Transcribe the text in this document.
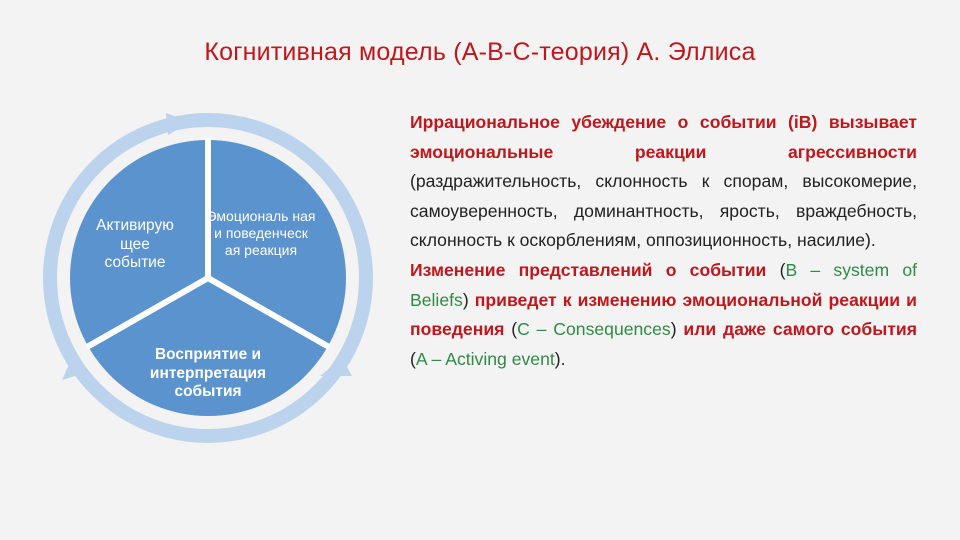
Когнитивная модель (А-В-С-теория) А. Эллиса
Активирую щее событие
Эмоциональ ная и поведенческ ая реакция
Восприятие и интерпретация события
Иррациональное убеждение о событии (iB) вызывает эмоциональные реакции агрессивности (раздражительность, склонность к спорам, высокомерие, самоуверенность, доминантность, ярость, враждебность, склонность к оскорблениям, оппозиционность, насилие).
Изменение представлений о событии (B – system of Beliefs) приведет к изменению эмоциональной реакции и поведения (C – Consequences) или даже самого события (A – Activing event).
